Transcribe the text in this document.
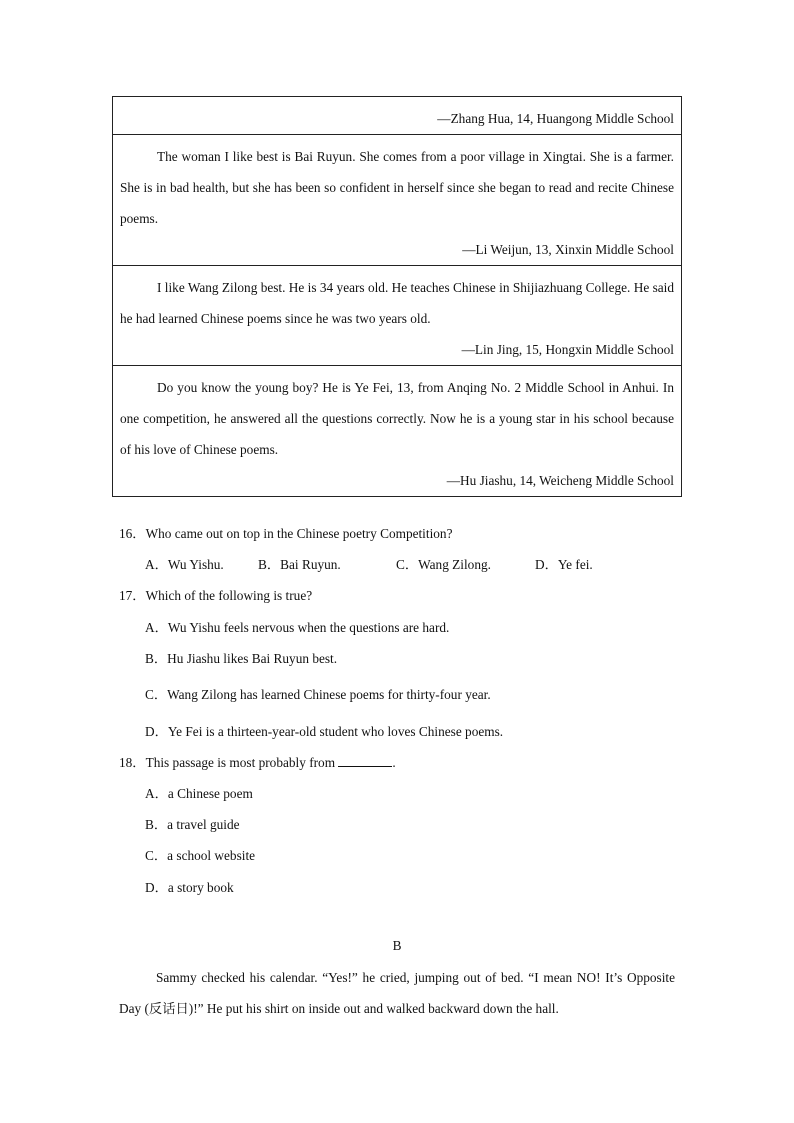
—Zhang Hua, 14, Huangong Middle School

The woman I like best is Bai Ruyun. She comes from a poor village in Xingtai. She is a farmer. She is in bad health, but she has been so confident in herself since she began to read and recite Chinese poems.

—Li Weijun, 13, Xinxin Middle School

I like Wang Zilong best. He is 34 years old. He teaches Chinese in Shijiazhuang College. He said he had learned Chinese poems since he was two years old.

—Lin Jing, 15, Hongxin Middle School

Do you know the young boy? He is Ye Fei, 13, from Anqing No. 2 Middle School in Anhui. In one competition, he answered all the questions correctly. Now he is a young star in his school because of his love of Chinese poems.

—Hu Jiashu, 14, Weicheng Middle School

16．Who came out on top in the Chinese poetry Competition?

A．Wu Yishu.	B．Bai Ruyun.	C．Wang Zilong.	D．Ye fei.

17．Which of the following is true?

A．Wu Yishu feels nervous when the questions are hard.

B．Hu Jiashu likes Bai Ruyun best.

C．Wang Zilong has learned Chinese poems for thirty-four year.

D．Ye Fei is a thirteen-year-old student who loves Chinese poems.

18．This passage is most probably from	.

A．a Chinese poem

B．a travel guide

C．a school website

D．a story book

B

Sammy checked his calendar. “Yes!” he cried, jumping out of bed. “I mean NO! It’s Opposite Day (反话日)!” He put his shirt on inside out and walked backward down the hall.
